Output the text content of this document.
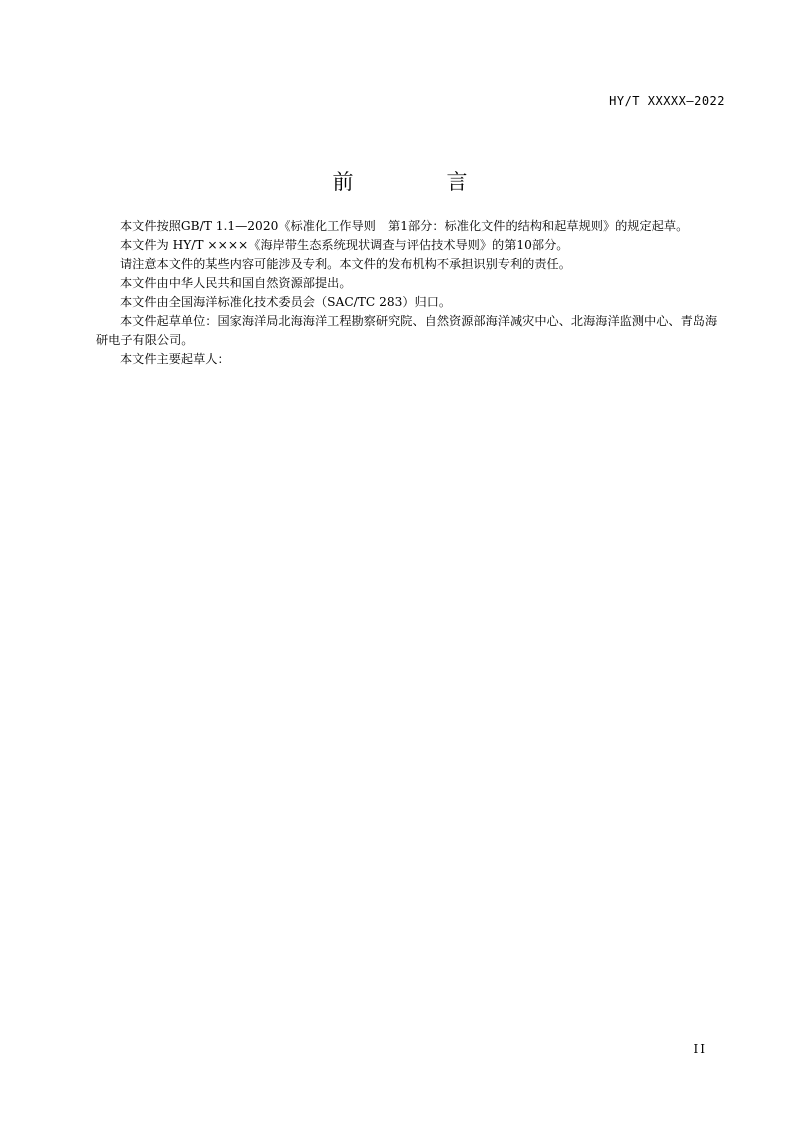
HY/T XXXXX—2022
前　言

本文件按照GB/T 1.1—2020《标准化工作导则　第1部分：标准化文件的结构和起草规则》的规定起草。

本文件为 HY/T ××××《海岸带生态系统现状调查与评估技术导则》的第10部分。

请注意本文件的某些内容可能涉及专利。本文件的发布机构不承担识别专利的责任。

本文件由中华人民共和国自然资源部提出。

本文件由全国海洋标准化技术委员会（SAC/TC 283）归口。

本文件起草单位：国家海洋局北海海洋工程勘察研究院、自然资源部海洋减灾中心、北海海洋监测中心、青岛海研电子有限公司。

本文件主要起草人：

II
